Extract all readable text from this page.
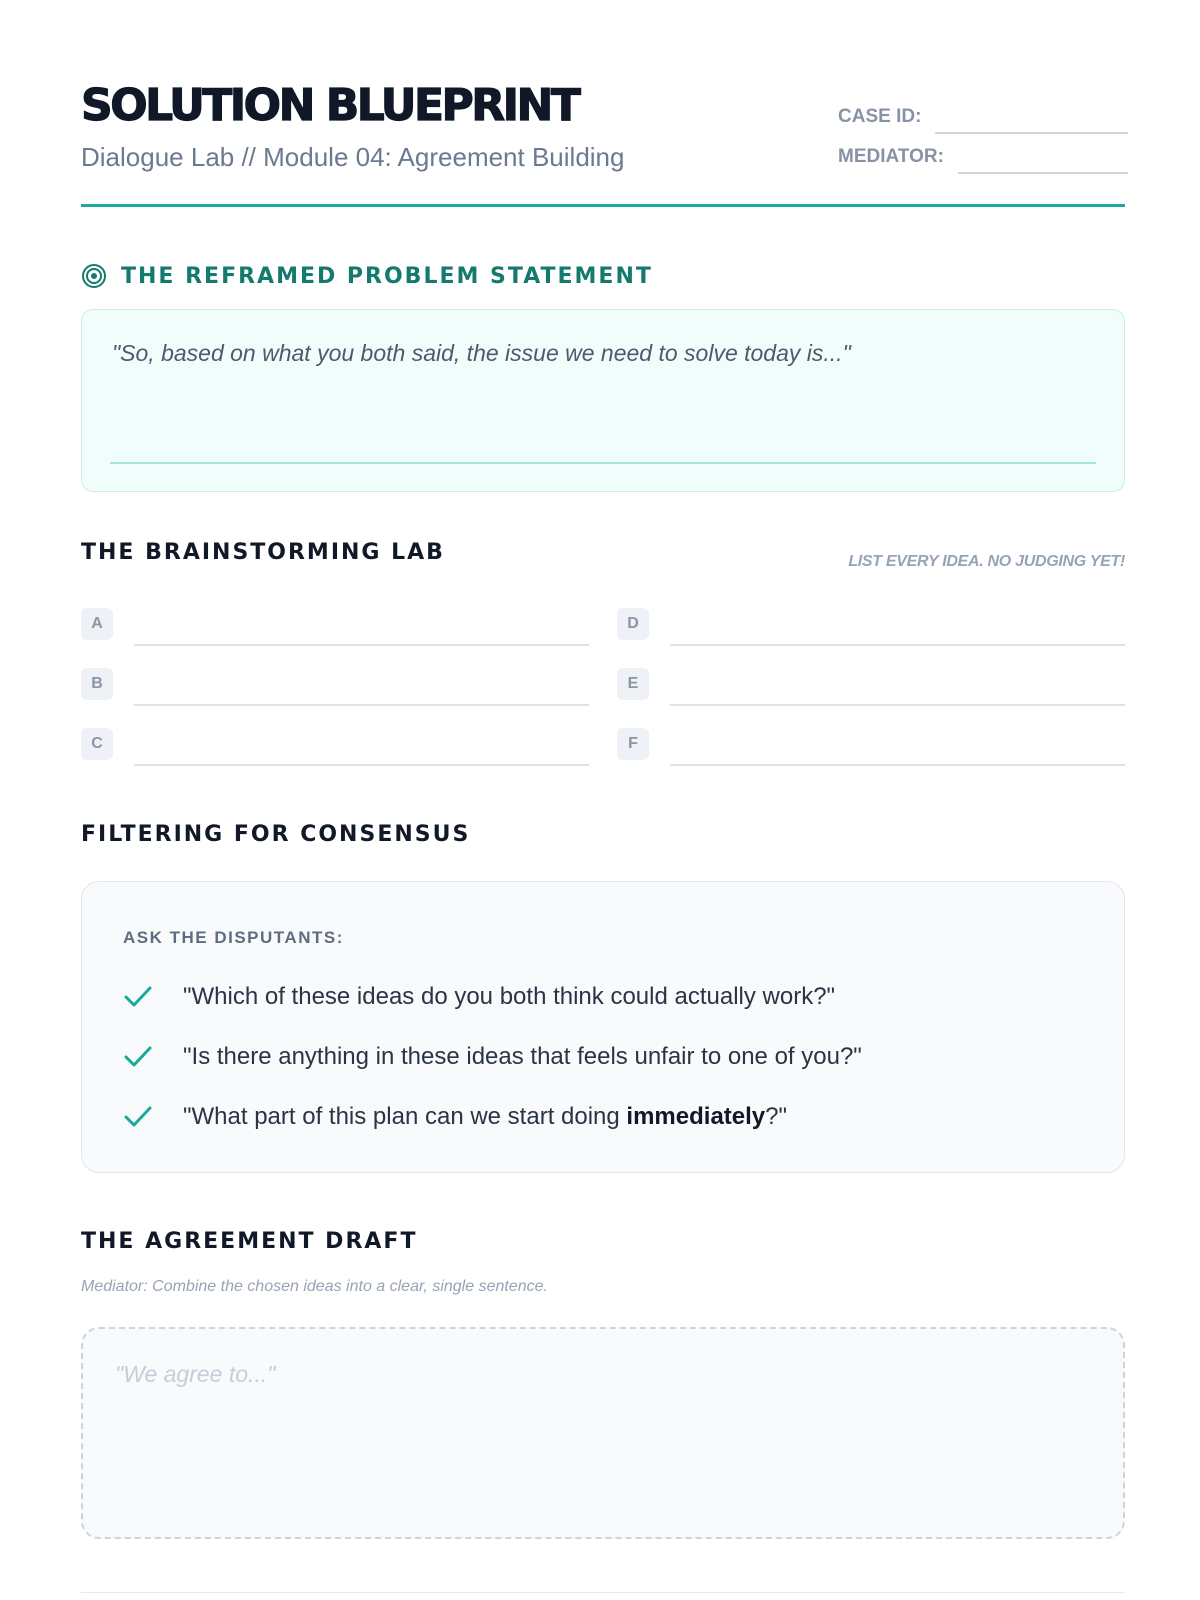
SOLUTION BLUEPRINT
Dialogue Lab // Module 04: Agreement Building
CASE ID:
MEDIATOR:
THE REFRAMED PROBLEM STATEMENT
"So, based on what you both said, the issue we need to solve today is..."
THE BRAINSTORMING LAB	LIST EVERY IDEA. NO JUDGING YET!
A
B
C
D
E
F
FILTERING FOR CONSENSUS
ASK THE DISPUTANTS:
"Which of these ideas do you both think could actually work?"
"Is there anything in these ideas that feels unfair to one of you?"
"What part of this plan can we start doing immediately?"
THE AGREEMENT DRAFT
Mediator: Combine the chosen ideas into a clear, single sentence.
"We agree to..."
